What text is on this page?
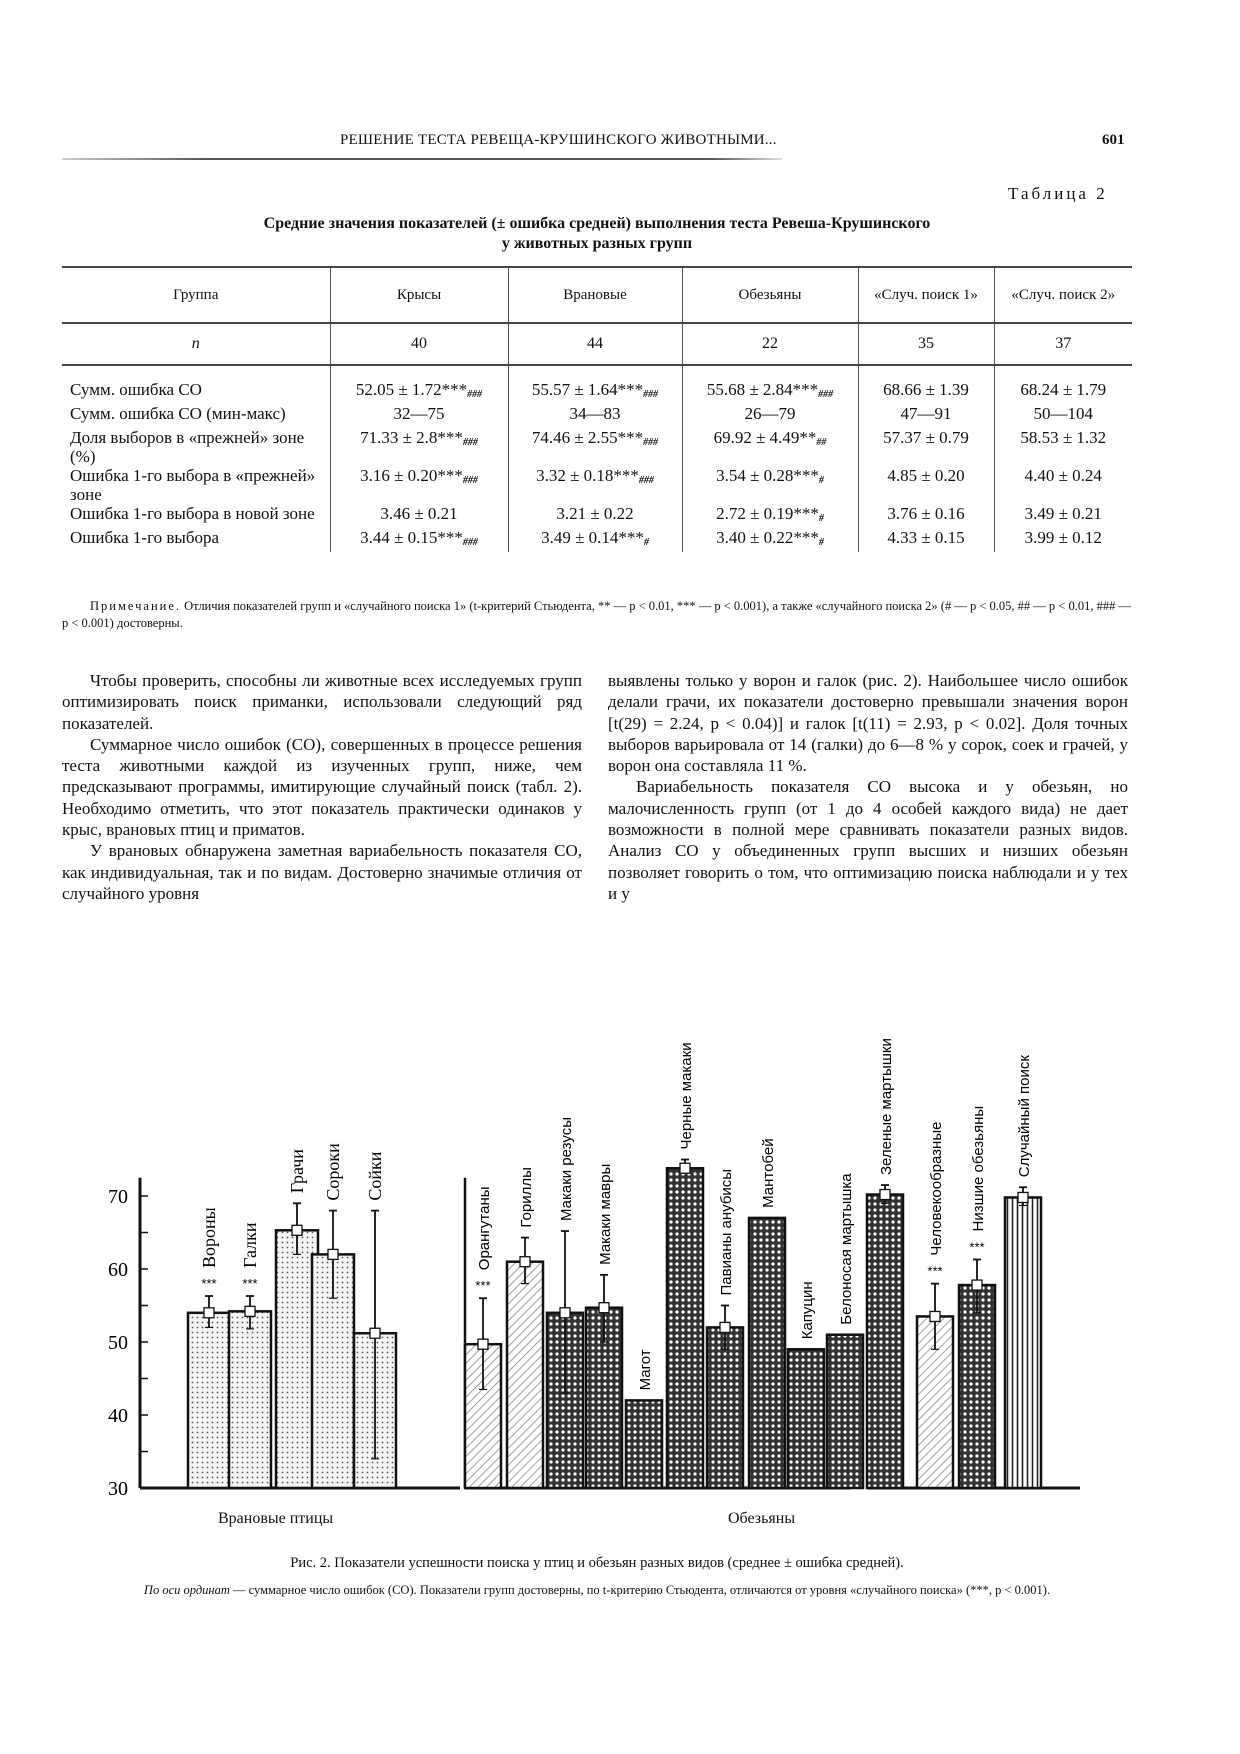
РЕШЕНИЕ ТЕСТА РЕВЕЩА-КРУШИНСКОГО ЖИВОТНЫМИ...	601
Таблица 2
Средние значения показателей (± ошибка средней) выполнения теста Ревеша-Крушинского
у животных разных групп
Группа	Крысы	Врановые	Обезьяны	«Случ. поиск 1»	«Случ. поиск 2»
n	40	44	22	35	37

Сумм. ошибка СО	$52.05 \pm 1.72***_{\#\#\#}$	$55.57 \pm 1.64***_{\#\#\#}$	$55.68 \pm 2.84***_{\#\#\#}$	68.66 ± 1.39	68.24 ± 1.79
Сумм. ошибка СО (мин-макс)	32—75	34—83	26—79	47—91	50—104
Доля выборов в «прежней» зоне (%)	$71.33 \pm 2.8***_{\#\#\#}$	$74.46 \pm 2.55***_{\#\#\#}$	$69.92 \pm 4.49**_{\#\#}$	57.37 ± 0.79	58.53 ± 1.32
Ошибка 1-го выбора в «прежней» зоне	$3.16 \pm 0.20***_{\#\#\#}$	$3.32 \pm 0.18***_{\#\#\#}$	$3.54 \pm 0.28***_{\#}$	4.85 ± 0.20	4.40 ± 0.24
Ошибка 1-го выбора в новой зоне	3.46 ± 0.21	3.21 ± 0.22	$2.72 \pm 0.19***_{\#}$	3.76 ± 0.16	3.49 ± 0.21
Ошибка 1-го выбора	$3.44 \pm 0.15***_{\#\#\#}$	$3.49 \pm 0.14***_{\#}$	$3.40 \pm 0.22***_{\#}$	4.33 ± 0.15	3.99 ± 0.12
Примечание. Отличия показателей групп и «случайного поиска 1» (t-критерий Стьюдента, ** — p < 0.01, *** — p < 0.001), а также «случайного поиска 2» (# — p < 0.05, ## — p < 0.01, ### — p < 0.001) достоверны.

Чтобы проверить, способны ли животные всех исследуемых групп оптимизировать поиск приманки, использовали следующий ряд показателей.

Суммарное число ошибок (СО), совершенных в процессе решения теста животными каждой из изученных групп, ниже, чем предсказывают программы, имитирующие случайный поиск (табл. 2). Необходимо отметить, что этот показатель практически одинаков у крыс, врановых птиц и приматов.

У врановых обнаружена заметная вариабельность показателя СО, как индивидуальная, так и по видам. Достоверно значимые отличия от случайного уровня

выявлены только у ворон и галок (рис. 2). Наибольшее число ошибок делали грачи, их показатели достоверно превышали значения ворон [t(29) = 2.24, p < 0.04)] и галок [t(11) = 2.93, p < 0.02]. Доля точных выборов варьировала от 14 (галки) до 6—8 % у сорок, соек и грачей, у ворон она составляла 11 %.

Вариабельность показателя СО высока и у обезьян, но малочисленность групп (от 1 до 4 особей каждого вида) не дает возможности в полной мере сравнивать показатели разных видов. Анализ СО у объединенных групп высших и низших обезьян позволяет говорить о том, что оптимизацию поиска наблюдали и у тех и у

30
40
50
60
70
***
Вороны
***
Галки
Грачи Сороки Сойки
***
Орангутаны Гориллы Макаки резусы Макаки мавры
Магот
Черные макаки
Павианы анубисы Мантобей
Капуцин Белоносая мартышка
Зеленые мартышки
***
Человекообразные ***
Низшие обезьяны Случайный поиск
Врановые птицы	Обезьяны
Рис. 2. Показатели успешности поиска у птиц и обезьян разных видов (среднее ± ошибка средней).
По оси ординат — суммарное число ошибок (СО). Показатели групп достоверны, по t-критерию Стьюдента, отличаются от уровня «случайного поиска» (***, p < 0.001).
